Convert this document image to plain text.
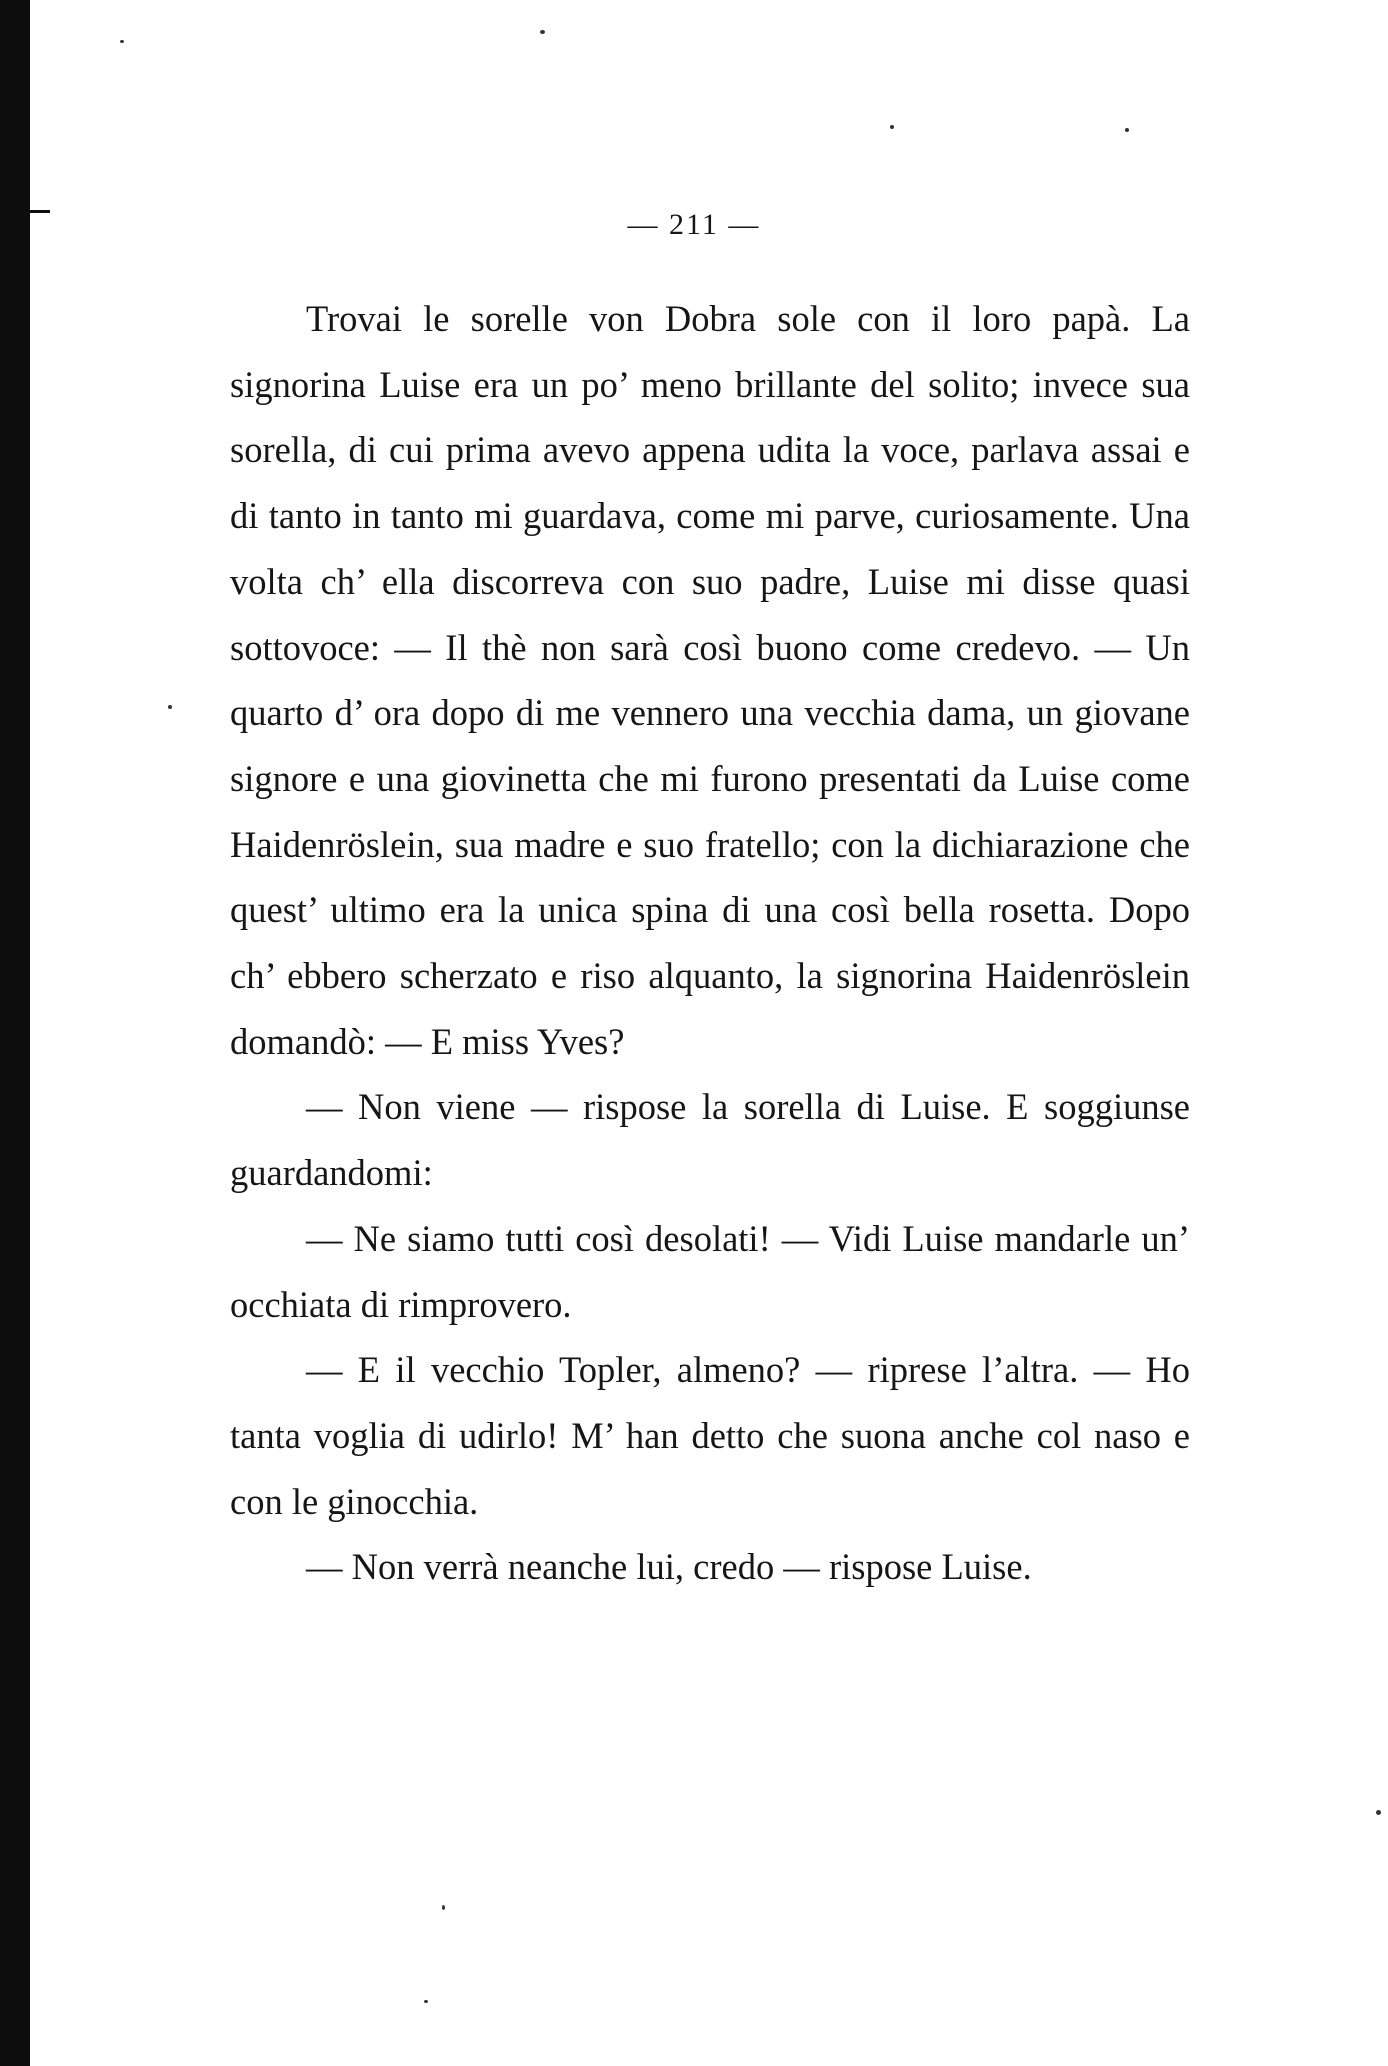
— 211 —

Trovai le sorelle von Dobra sole con il loro papà. La signorina Luise era un po’ meno brillante del solito; invece sua sorella, di cui prima avevo appena udita la voce, parlava assai e di tanto in tanto mi guardava, come mi parve, curiosamente. Una volta ch’ ella discorreva con suo padre, Luise mi disse quasi sottovoce: — Il thè non sarà così buono come credevo. — Un quarto d’ ora dopo di me vennero una vecchia dama, un giovane signore e una giovinetta che mi furono presentati da Luise come Haidenröslein, sua madre e suo fratello; con la dichiarazione che quest’ ultimo era la unica spina di una così bella rosetta. Dopo ch’ ebbero scherzato e riso alquanto, la signorina Haidenröslein domandò: — E miss Yves?

— Non viene — rispose la sorella di Luise. E soggiunse guardandomi:

— Ne siamo tutti così desolati! — Vidi Luise mandarle un’ occhiata di rimprovero.

— E il vecchio Topler, almeno? — riprese l’altra. — Ho tanta voglia di udirlo! M’ han detto che suona anche col naso e con le ginocchia.

— Non verrà neanche lui, credo — rispose Luise.
